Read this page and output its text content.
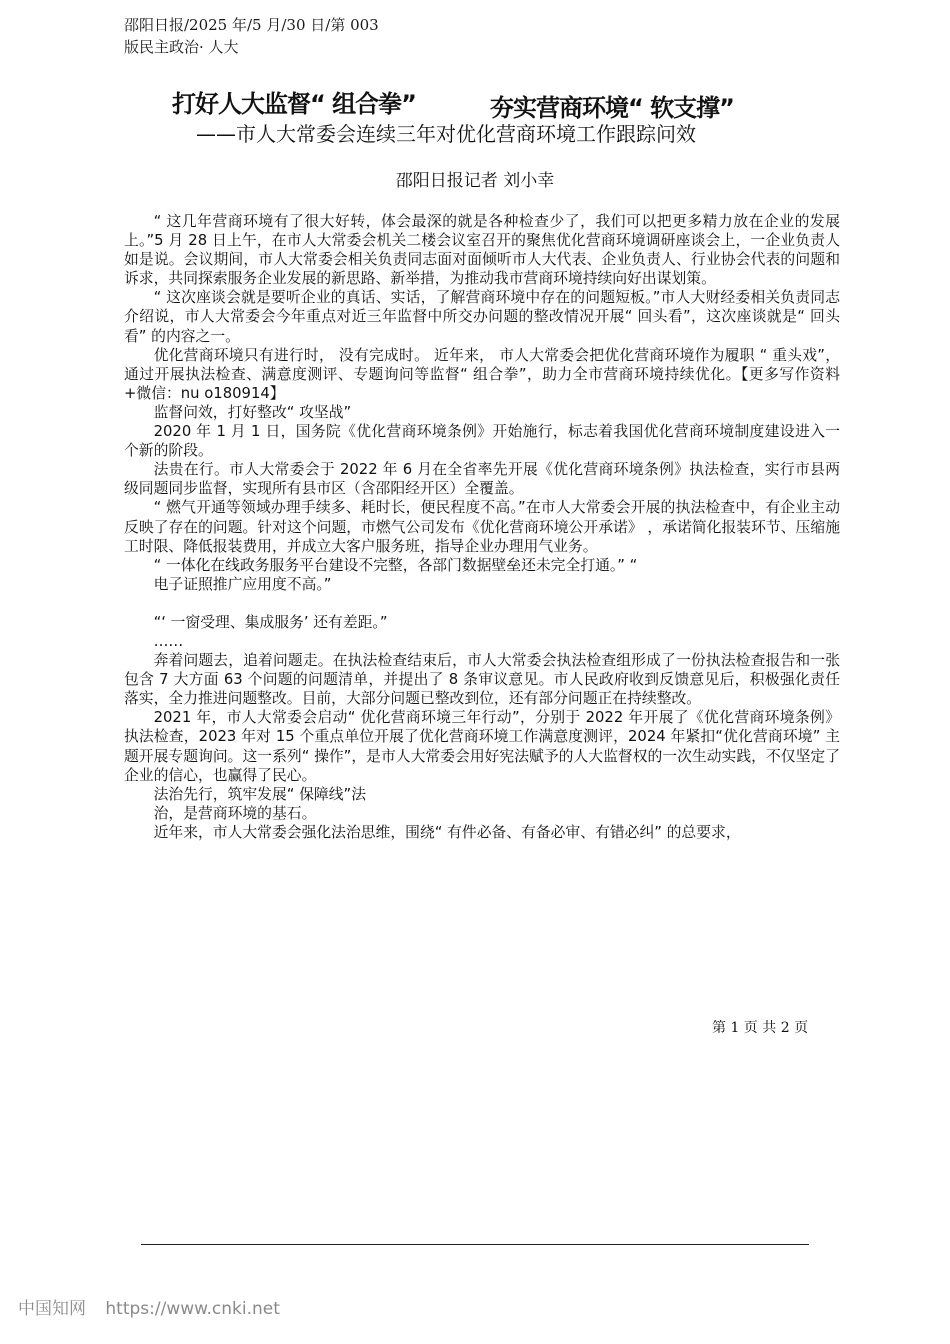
邵阳日报/2025 年/5 月/30 日/第 003
版民主政治· 人大
打好人大监督“ 组合拳”	夯实营商环境“ 软支撑”
——市人大常委会连续三年对优化营商环境工作跟踪问效
邵阳日报记者 刘小幸

“ 这几年营商环境有了很大好转，体会最深的就是各种检查少了，我们可以把更多精力放在企业的发展上。”5 月 28 日上午，在市人大常委会机关二楼会议室召开的聚焦优化营商环境调研座谈会上，一企业负责人如是说。会议期间，市人大常委会相关负责同志面对面倾听市人大代表、企业负责人、行业协会代表的问题和诉求，共同探索服务企业发展的新思路、新举措，为推动我市营商环境持续向好出谋划策。

“ 这次座谈会就是要听企业的真话、实话，了解营商环境中存在的问题短板。”市人大财经委相关负责同志介绍说，市人大常委会今年重点对近三年监督中所交办问题的整改情况开展“ 回头看”，这次座谈就是“ 回头看” 的内容之一。

优化营商环境只有进行时， 没有完成时。 近年来， 市人大常委会把优化营商环境作为履职 “ 重头戏”，通过开展执法检查、满意度测评、专题询问等监督“ 组合拳”，助力全市营商环境持续优化。【更多写作资料+微信：nu o180914】

监督问效，打好整改“ 攻坚战”

2020 年 1 月 1 日，国务院《优化营商环境条例》开始施行，标志着我国优化营商环境制度建设进入一个新的阶段。

法贵在行。市人大常委会于 2022 年 6 月在全省率先开展《优化营商环境条例》执法检查，实行市县两级同题同步监督，实现所有县市区（含邵阳经开区）全覆盖。

“ 燃气开通等领域办理手续多、耗时长，便民程度不高。”在市人大常委会开展的执法检查中，有企业主动反映了存在的问题。针对这个问题，市燃气公司发布《优化营商环境公开承诺》 ，承诺简化报装环节、压缩施工时限、降低报装费用，并成立大客户服务班，指导企业办理用气业务。

“ 一体化在线政务服务平台建设不完整，各部门数据壁垒还未完全打通。” “

电子证照推广应用度不高。”

“‘ 一窗受理、集成服务’ 还有差距。”

……

奔着问题去，追着问题走。在执法检查结束后，市人大常委会执法检查组形成了一份执法检查报告和一张包含 7 大方面 63 个问题的问题清单，并提出了 8 条审议意见。市人民政府收到反馈意见后，积极强化责任落实，全力推进问题整改。目前，大部分问题已整改到位，还有部分问题正在持续整改。

2021 年，市人大常委会启动“ 优化营商环境三年行动”，分别于 2022 年开展了《优化营商环境条例》执法检查，2023 年对 15 个重点单位开展了优化营商环境工作满意度测评，2024 年紧扣“优化营商环境” 主题开展专题询问。这一系列“ 操作”，是市人大常委会用好宪法赋予的人大监督权的一次生动实践，不仅坚定了企业的信心，也赢得了民心。

法治先行，筑牢发展“ 保障线”法

治，是营商环境的基石。

近年来，市人大常委会强化法治思维，围绕“ 有件必备、有备必审、有错必纠” 的总要求，

第 1 页 共 2 页
中国知网 https://www.cnki.net
